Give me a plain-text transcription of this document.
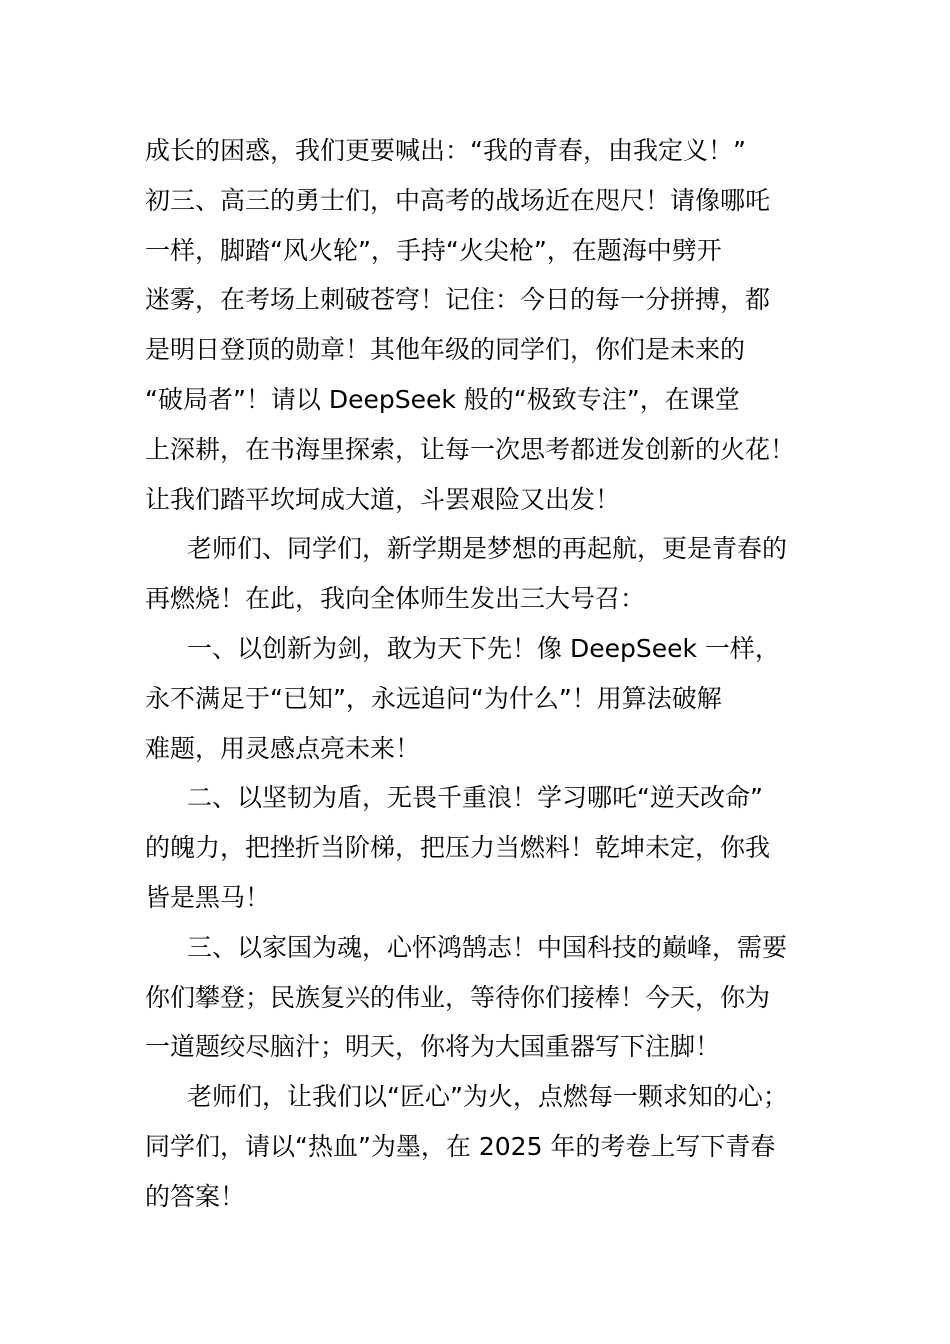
成长的困惑，我们更要喊出：“我的青春，由我定义！”
初三、高三的勇士们，中高考的战场近在咫尺！请像哪吒
一样，脚踏“风火轮”，手持“火尖枪”，在题海中劈开
迷雾，在考场上刺破苍穹！记住：今日的每一分拼搏，都
是明日登顶的勋章！其他年级的同学们，你们是未来的
“破局者”！请以 DeepSeek 般的“极致专注”，在课堂
上深耕，在书海里探索，让每一次思考都迸发创新的火花！
让我们踏平坎坷成大道，斗罢艰险又出发！
老师们、同学们，新学期是梦想的再起航，更是青春的
再燃烧！在此，我向全体师生发出三大号召：
一、以创新为剑，敢为天下先！像 DeepSeek 一样，
永不满足于“已知”，永远追问“为什么”！用算法破解
难题，用灵感点亮未来！
二、以坚韧为盾，无畏千重浪！学习哪吒“逆天改命”
的魄力，把挫折当阶梯，把压力当燃料！乾坤未定，你我
皆是黑马！
三、以家国为魂，心怀鸿鹄志！中国科技的巅峰，需要
你们攀登；民族复兴的伟业，等待你们接棒！今天，你为
一道题绞尽脑汁；明天，你将为大国重器写下注脚！
老师们，让我们以“匠心”为火，点燃每一颗求知的心；
同学们，请以“热血”为墨，在 2025 年的考卷上写下青春
的答案！
